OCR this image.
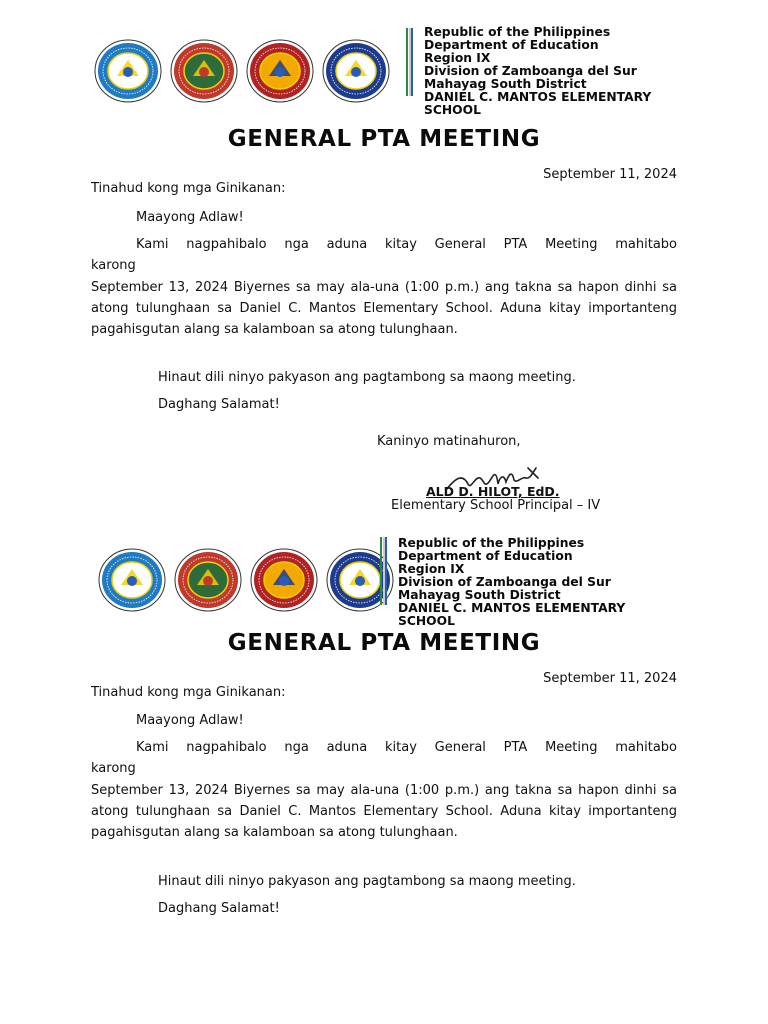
Republic of the Philippines
Department of Education
Region IX
Division of Zamboanga del Sur
Mahayag South District
DANIEL C. MANTOS ELEMENTARY
SCHOOL
GENERAL PTA MEETING
September 11, 2024
Tinahud kong mga Ginikanan:
Maayong Adlaw!
Kami nagpahibalo nga aduna kitay General PTA Meeting mahitabo
karong
September 13, 2024 Biyernes sa may ala-una (1:00 p.m.) ang takna sa hapon dinhi sa atong tulunghaan sa Daniel C. Mantos Elementary School. Aduna kitay importanteng pagahisgutan alang sa kalamboan sa atong tulunghaan.
Hinaut dili ninyo pakyason ang pagtambong sa maong meeting.
Daghang Salamat!
Kaninyo matinahuron,
ALD D. HILOT, EdD.
Elementary School Principal – IV
Republic of the Philippines
Department of Education
Region IX
Division of Zamboanga del Sur
Mahayag South District
DANIEL C. MANTOS ELEMENTARY
SCHOOL
GENERAL PTA MEETING
September 11, 2024
Tinahud kong mga Ginikanan:
Maayong Adlaw!
Kami nagpahibalo nga aduna kitay General PTA Meeting mahitabo
karong
September 13, 2024 Biyernes sa may ala-una (1:00 p.m.) ang takna sa hapon dinhi sa atong tulunghaan sa Daniel C. Mantos Elementary School. Aduna kitay importanteng pagahisgutan alang sa kalamboan sa atong tulunghaan.
Hinaut dili ninyo pakyason ang pagtambong sa maong meeting.
Daghang Salamat!
